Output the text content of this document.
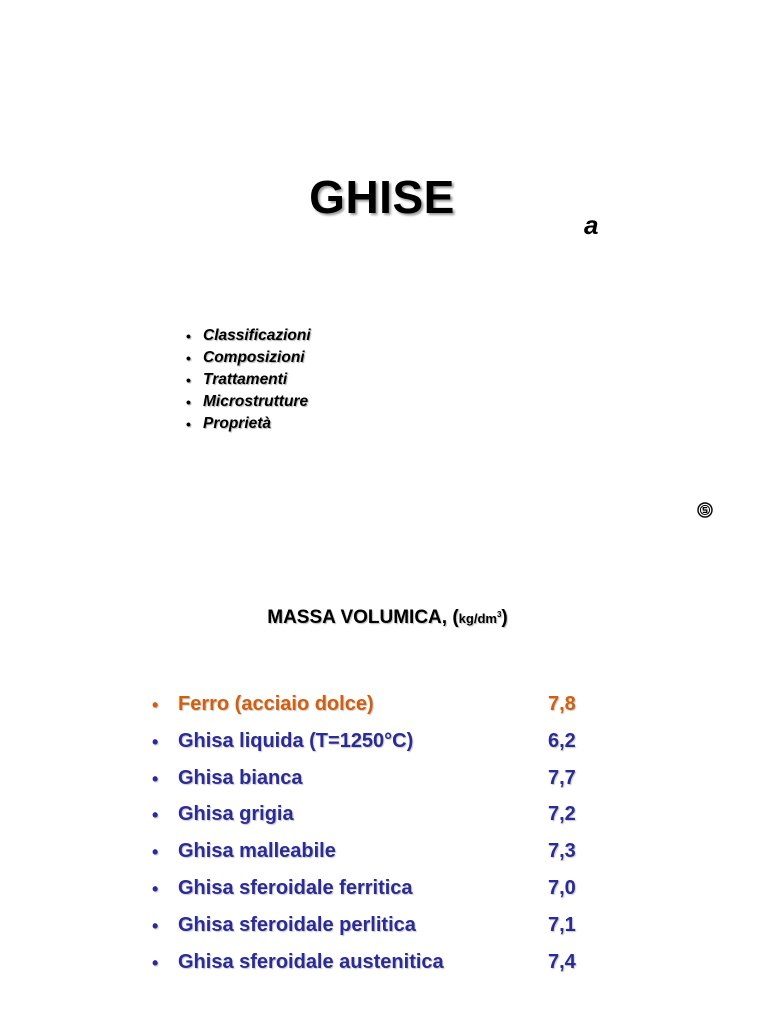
GHISE
a
• Classificazioni
• Composizioni
• Trattamenti
• Microstrutture
• Proprietà
MASSA VOLUMICA, $(kg/dm^3)$
• Ferro (acciaio dolce)	7,8
• Ghisa liquida (T=1250°C)	6,2
• Ghisa bianca	7,7
• Ghisa grigia	7,2
• Ghisa malleabile	7,3
• Ghisa sferoidale ferritica	7,0
• Ghisa sferoidale perlitica	7,1
• Ghisa sferoidale austenitica	7,4
